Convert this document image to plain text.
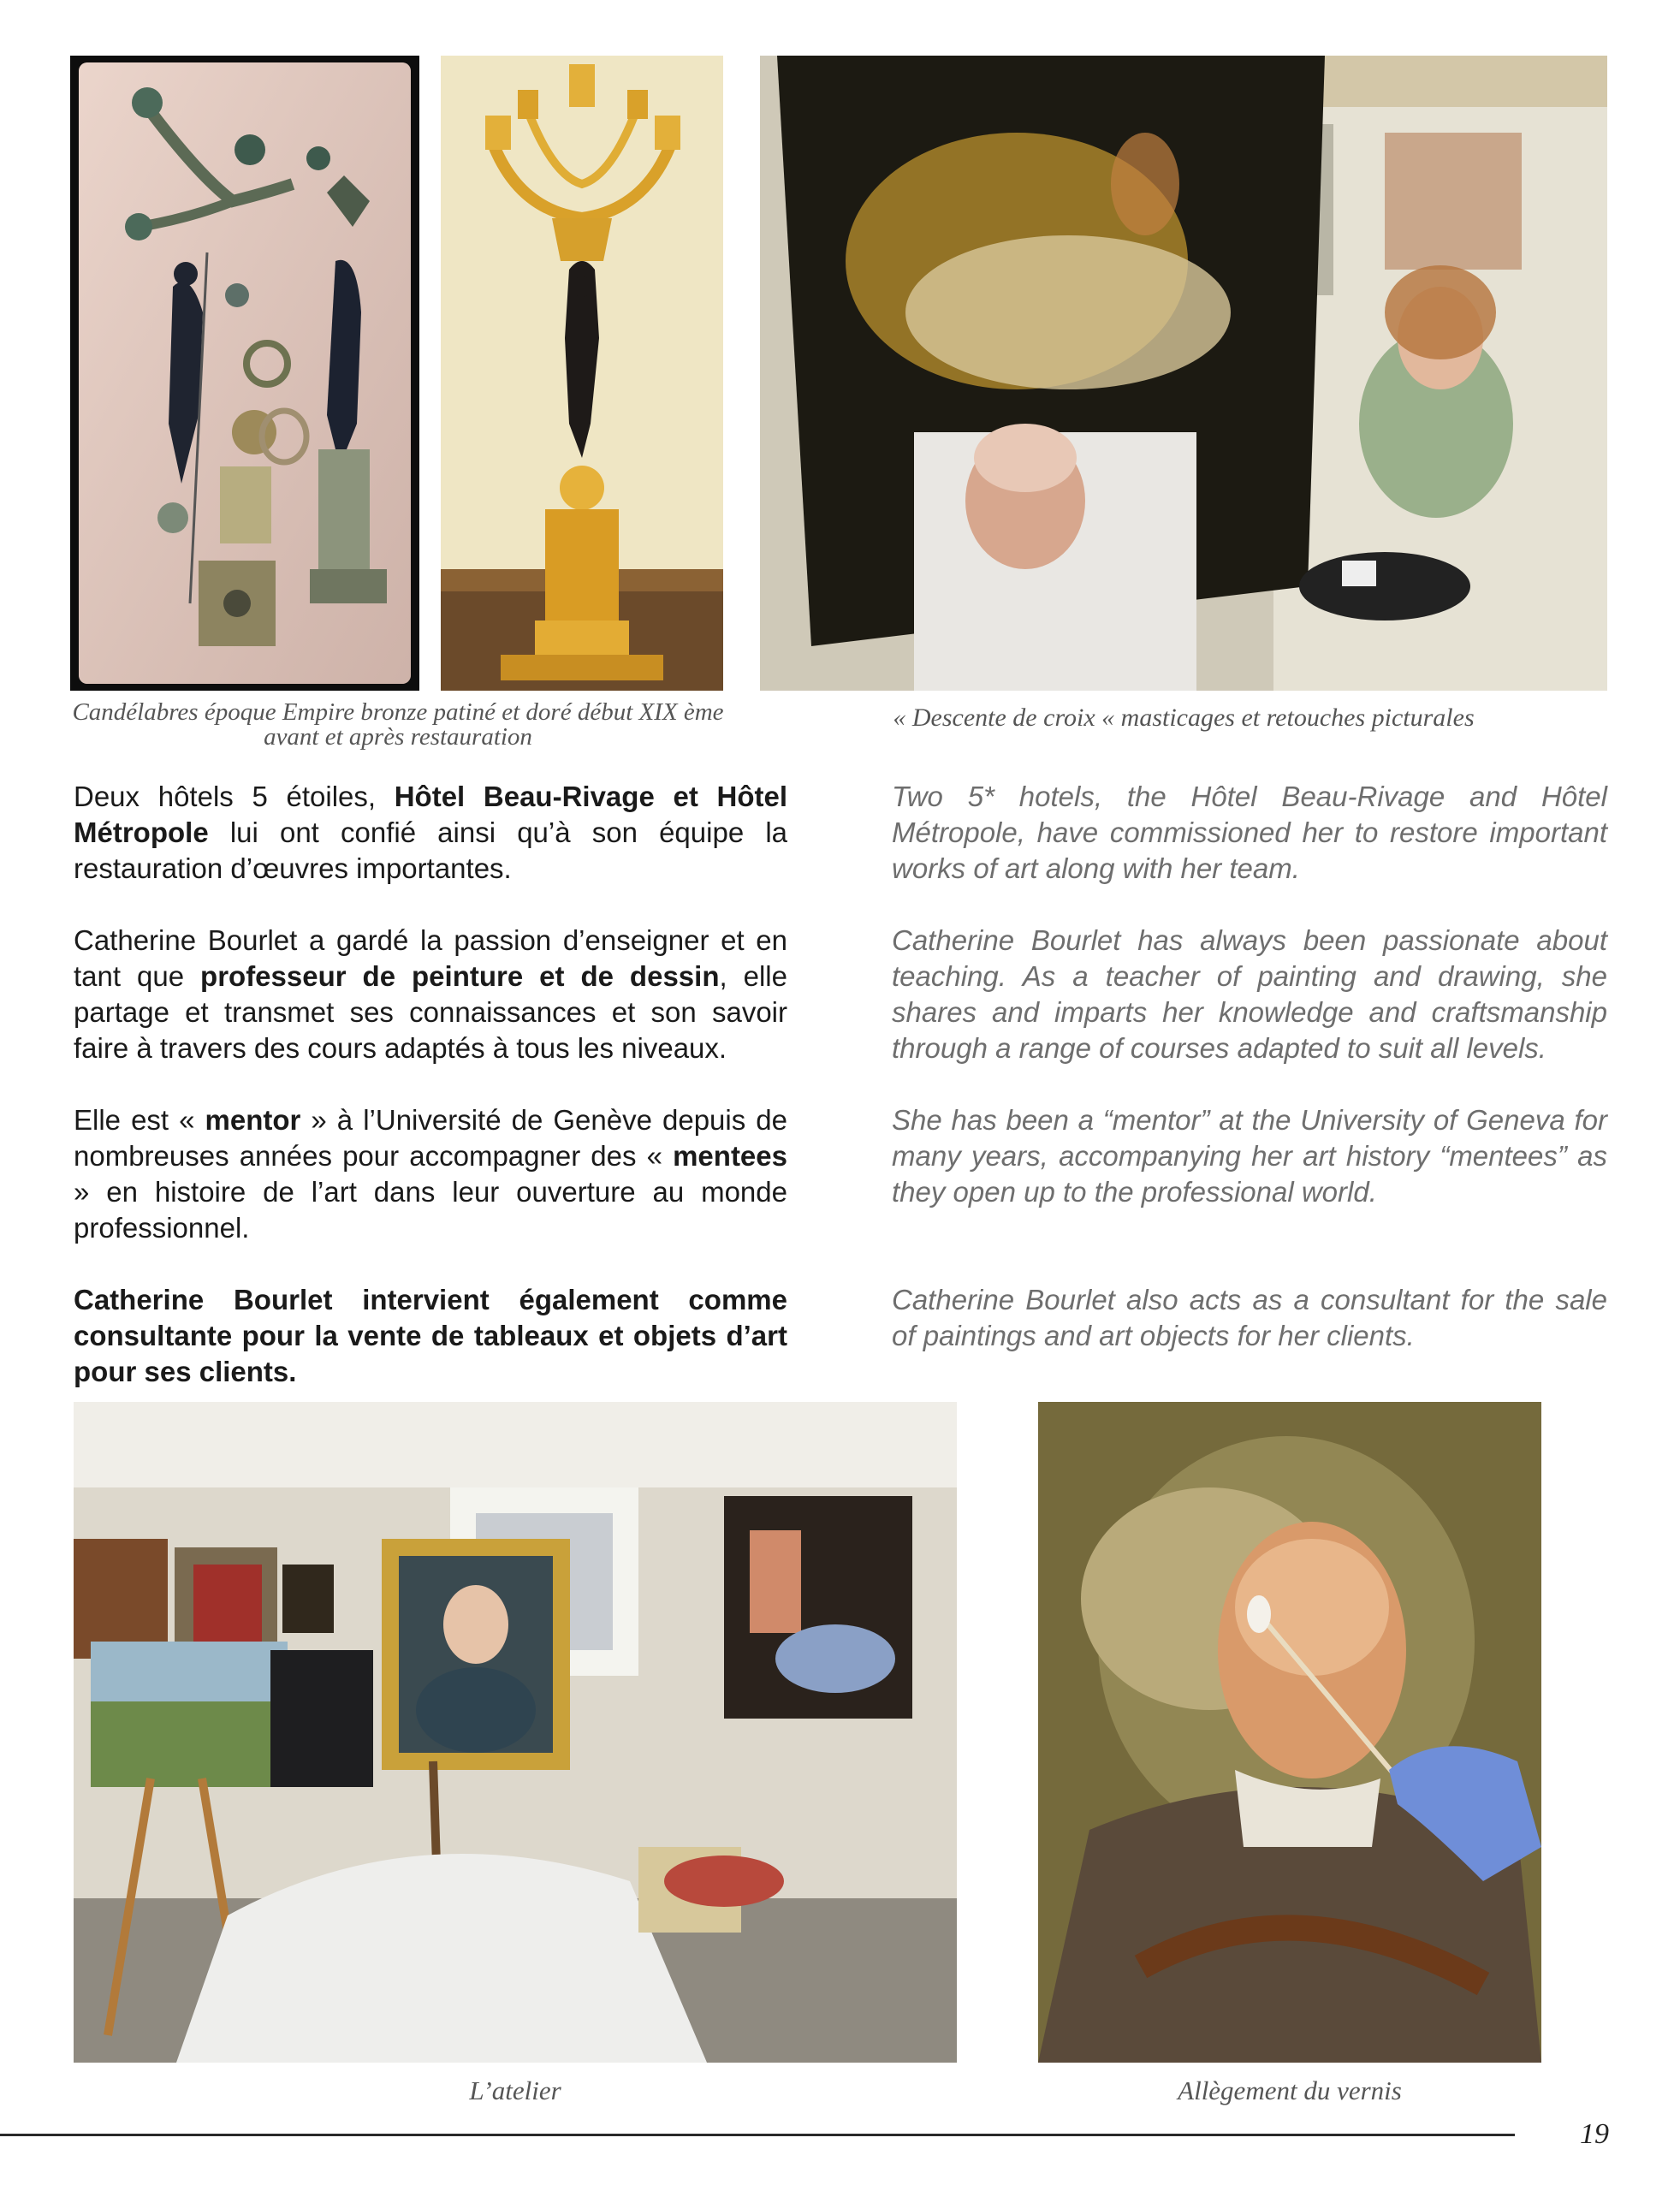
Candélabres époque Empire bronze patiné et doré début XIX ème
avant et après restauration
« Descente de croix « masticages et retouches picturales

Deux hôtels 5 étoiles, Hôtel Beau-Rivage et Hôtel Métropole lui ont confié ainsi qu’à son équipe la restauration d’œuvres importantes.

Catherine Bourlet a gardé la passion d’enseigner et en tant que professeur de peinture et de dessin, elle partage et transmet ses connaissances et son savoir faire à travers des cours adaptés à tous les niveaux.

Elle est « mentor » à l’Université de Genève depuis de nombreuses années pour accompagner des « mentees » en histoire de l’art dans leur ouverture au monde professionnel.

Catherine Bourlet intervient également comme consultante pour la vente de tableaux et objets d’art pour ses clients.

Two 5* hotels, the Hôtel Beau-Rivage and Hôtel Métropole, have commissioned her to restore important works of art along with her team.

Catherine Bourlet has always been passionate about teaching. As a teacher of painting and drawing, she shares and imparts her knowledge and craftsmanship through a range of courses adapted to suit all levels.

She has been a “mentor” at the University of Geneva for many years, accompanying her art history “mentees” as they open up to the professional world.

Catherine Bourlet also acts as a consultant for the sale of paintings and art objects for her clients.

L’atelier	Allègement du vernis
19
